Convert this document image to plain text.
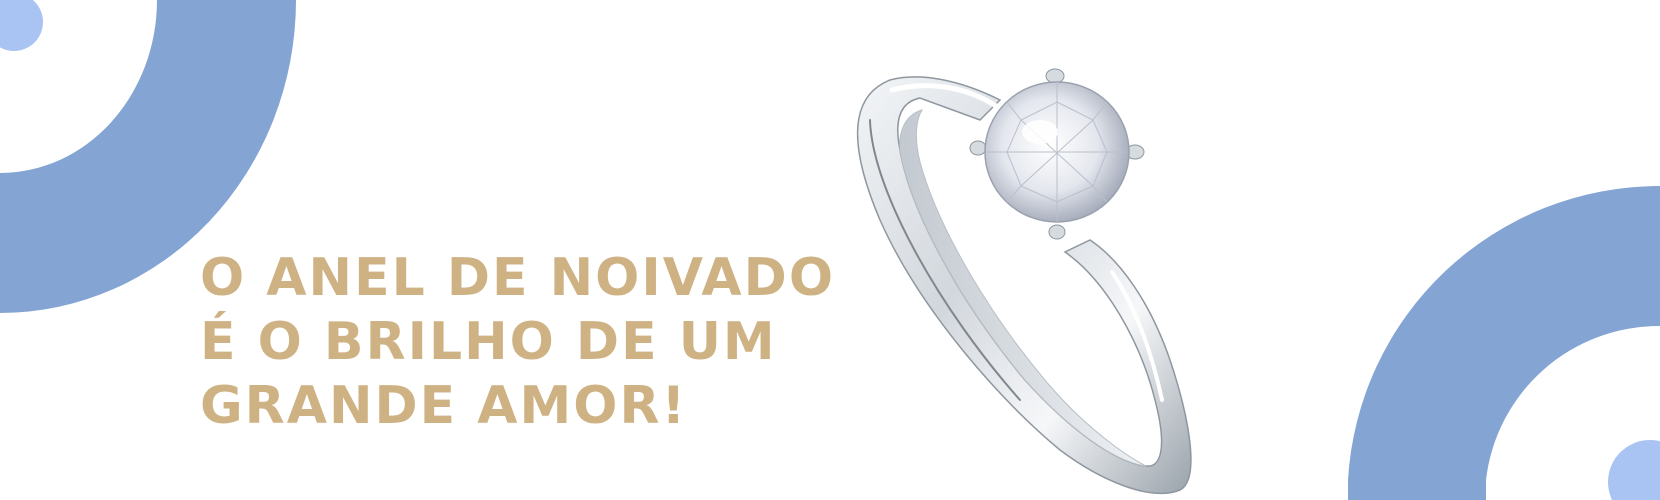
O ANEL DE NOIVADO
É O BRILHO DE UM
GRANDE AMOR!
